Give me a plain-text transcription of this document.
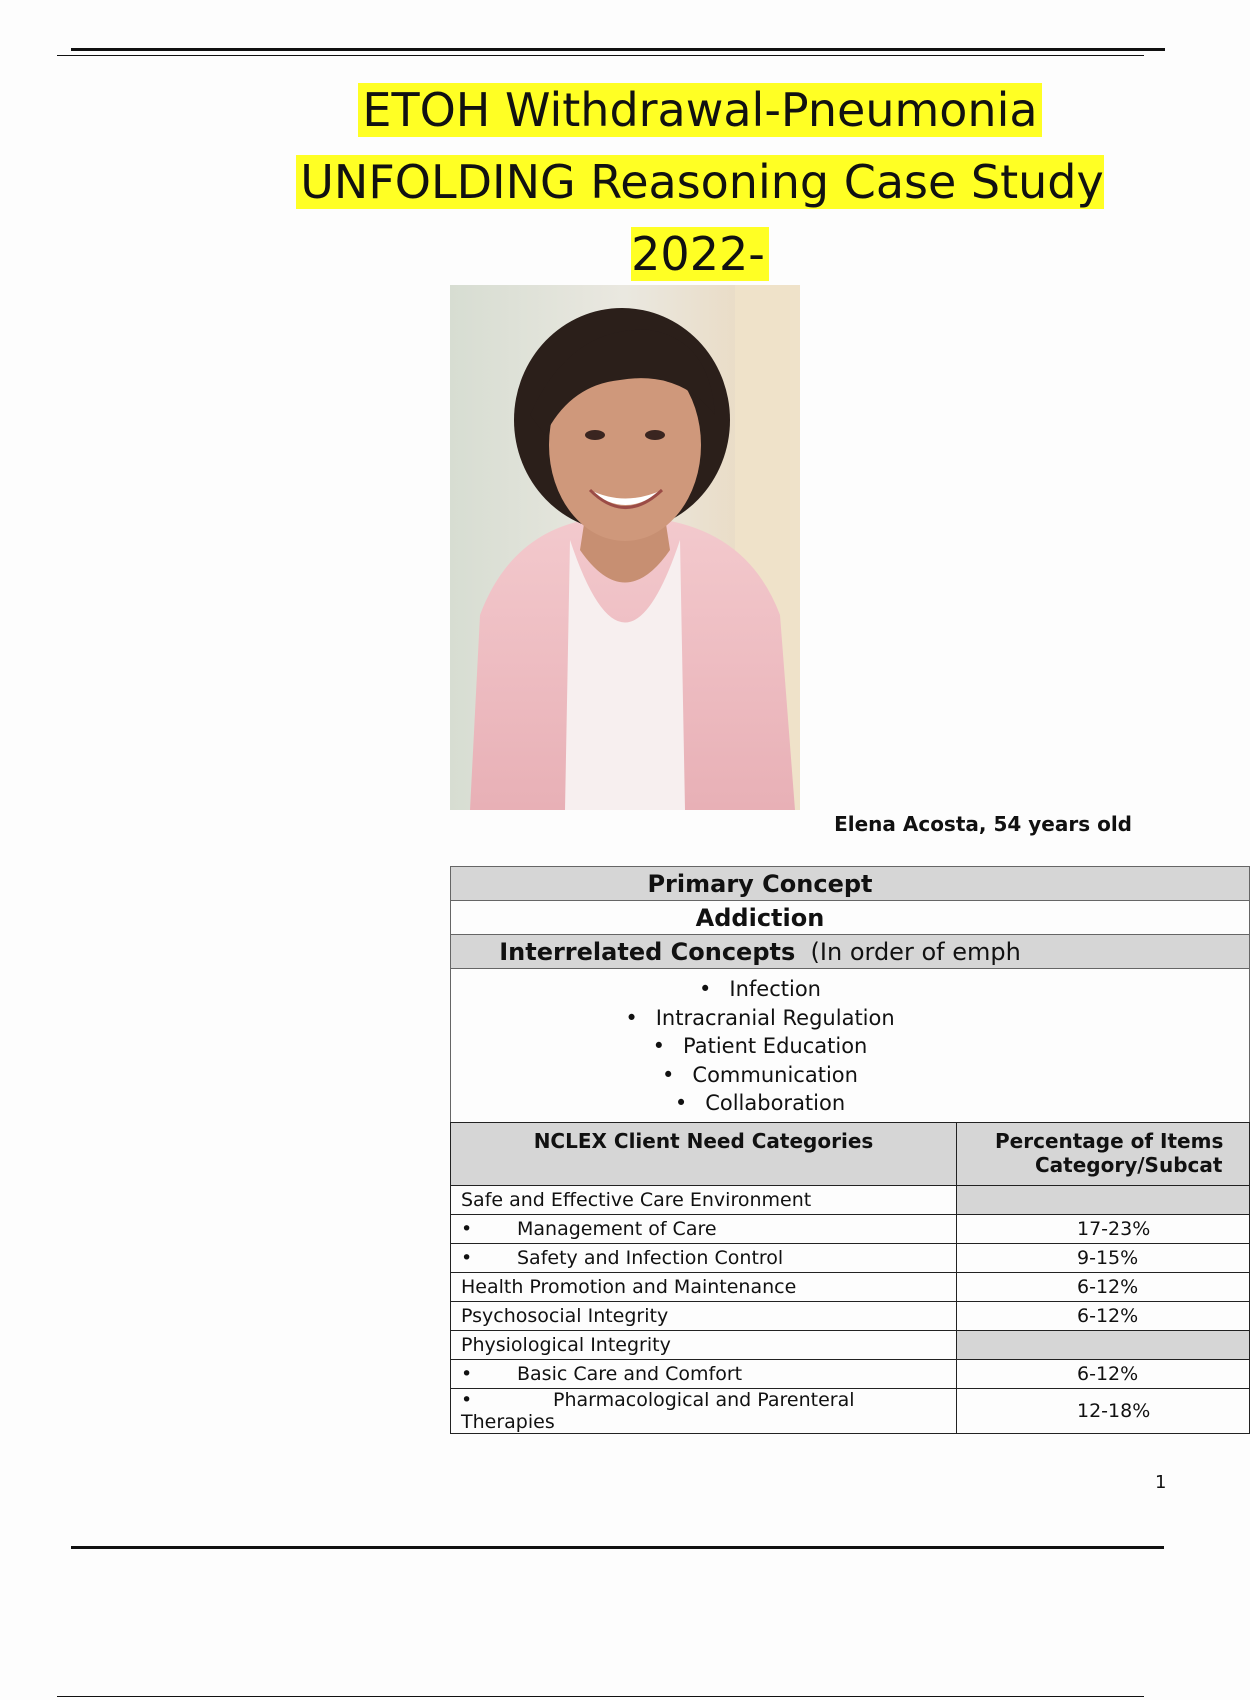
ETOH Withdrawal-Pneumonia
UNFOLDING Reasoning Case Study 2022-
Elena Acosta, 54 years old
Primary Concept
Addiction
Interrelated Concepts (In order of emph

• Infection
• Intracranial Regulation
• Patient Education
• Communication
• Collaboration
NCLEX Client Need Categories	Percentage of Items
Category/Subcat
Safe and Effective Care Environment	
• Management of Care	17-23%
• Safety and Infection Control	9-15%
Health Promotion and Maintenance	6-12%
Psychosocial Integrity	6-12%
Physiological Integrity	
• Basic Care and Comfort	6-12%
• Pharmacological and Parenteral Therapies	12-18%
1
